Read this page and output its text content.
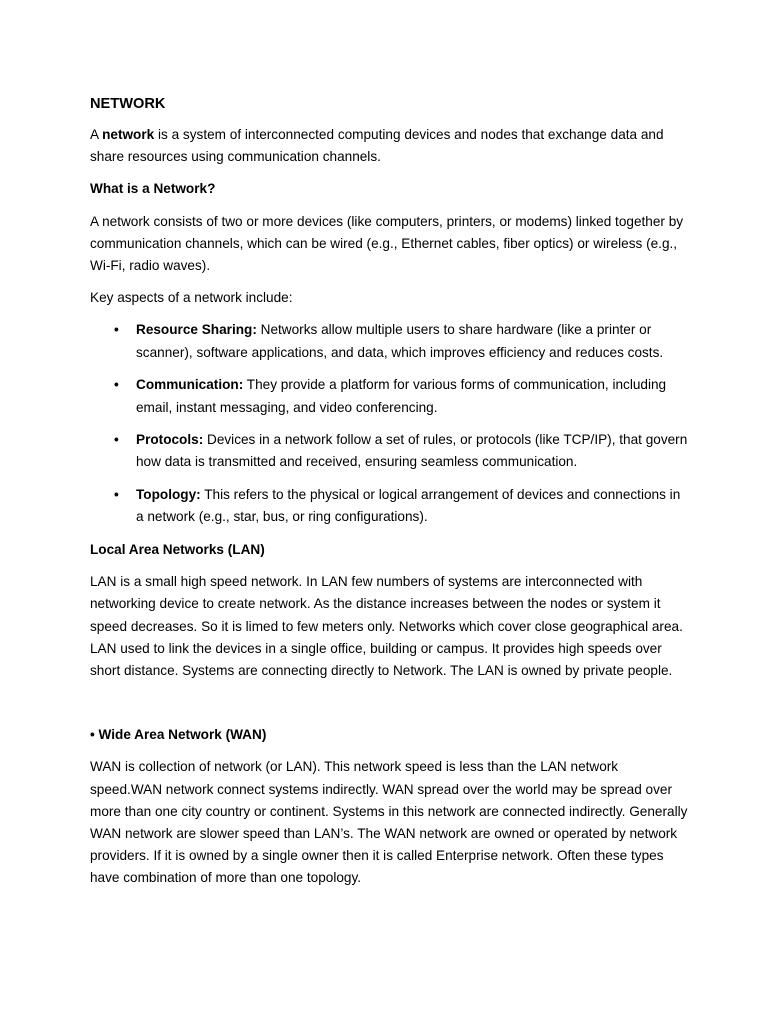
NETWORK

A network is a system of interconnected computing devices and nodes that exchange data and share resources using communication channels.

What is a Network?

A network consists of two or more devices (like computers, printers, or modems) linked together by communication channels, which can be wired (e.g., Ethernet cables, fiber optics) or wireless (e.g., Wi-Fi, radio waves).

Key aspects of a network include:

• Resource Sharing: Networks allow multiple users to share hardware (like a printer or scanner), software applications, and data, which improves efficiency and reduces costs.
• Communication: They provide a platform for various forms of communication, including email, instant messaging, and video conferencing.
• Protocols: Devices in a network follow a set of rules, or protocols (like TCP/IP), that govern how data is transmitted and received, ensuring seamless communication.
• Topology: This refers to the physical or logical arrangement of devices and connections in a network (e.g., star, bus, or ring configurations).

Local Area Networks (LAN)

LAN is a small high speed network. In LAN few numbers of systems are interconnected with networking device to create network. As the distance increases between the nodes or system it speed decreases. So it is limed to few meters only. Networks which cover close geographical area. LAN used to link the devices in a single office, building or campus. It provides high speeds over short distance. Systems are connecting directly to Network. The LAN is owned by private people.

• Wide Area Network (WAN)

WAN is collection of network (or LAN). This network speed is less than the LAN network speed.WAN network connect systems indirectly. WAN spread over the world may be spread over more than one city country or continent. Systems in this network are connected indirectly. Generally WAN network are slower speed than LAN’s. The WAN network are owned or operated by network providers. If it is owned by a single owner then it is called Enterprise network. Often these types have combination of more than one topology.
